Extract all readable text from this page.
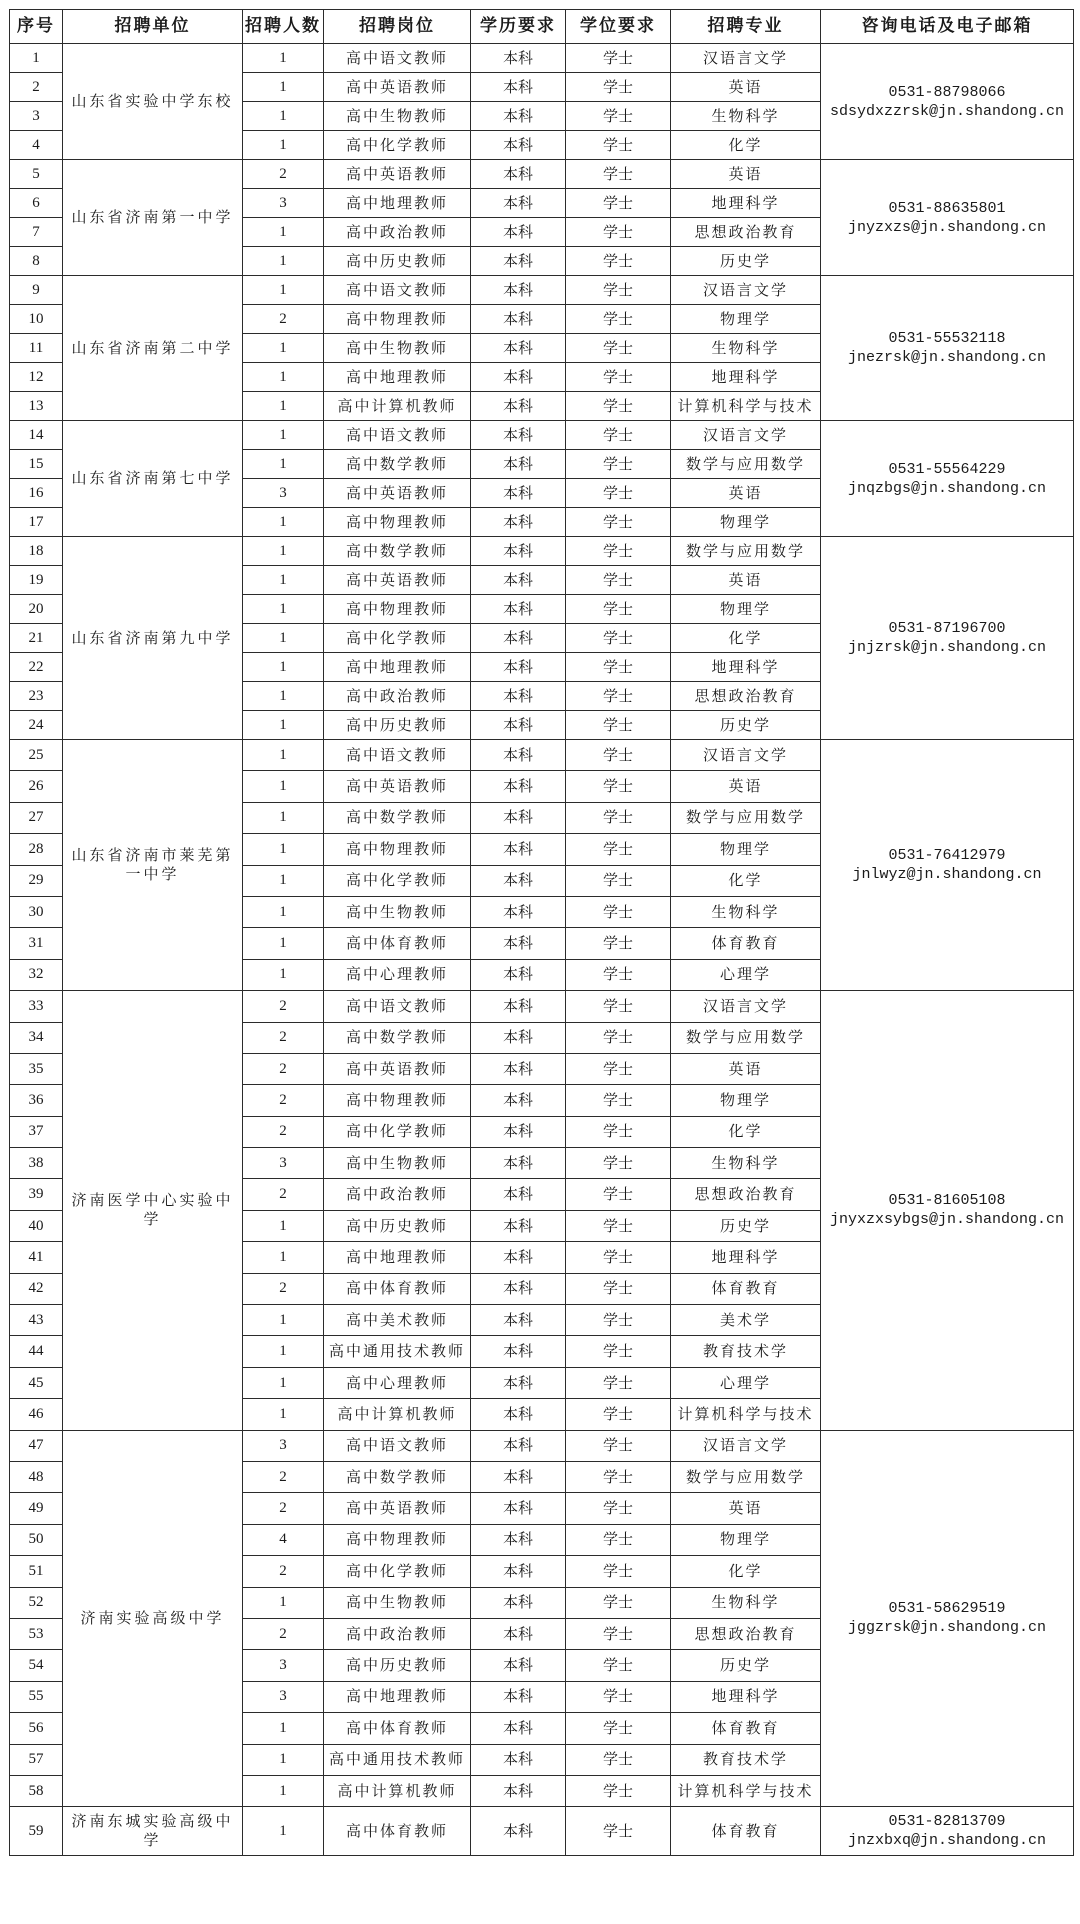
序号	招聘单位	招聘人数	招聘岗位	学历要求	学位要求	招聘专业	咨询电话及电子邮箱
1	山东省实验中学东校	1	高中语文教师	本科	学士	汉语言文学	0531-88798066
sdsydxzzrsk@jn.shandong.cn

2		1	高中英语教师	本科	学士	英语	
3		1	高中生物教师	本科	学士	生物科学	
4		1	高中化学教师	本科	学士	化学	
5	山东省济南第一中学	2	高中英语教师	本科	学士	英语	0531-88635801
jnyzxzs@jn.shandong.cn

6		3	高中地理教师	本科	学士	地理科学	
7		1	高中政治教师	本科	学士	思想政治教育	
8		1	高中历史教师	本科	学士	历史学	
9	山东省济南第二中学	1	高中语文教师	本科	学士	汉语言文学	0531-55532118
jnezrsk@jn.shandong.cn

10		2	高中物理教师	本科	学士	物理学	
11		1	高中生物教师	本科	学士	生物科学	
12		1	高中地理教师	本科	学士	地理科学	
13		1	高中计算机教师	本科	学士	计算机科学与技术	
14	山东省济南第七中学	1	高中语文教师	本科	学士	汉语言文学	0531-55564229
jnqzbgs@jn.shandong.cn

15		1	高中数学教师	本科	学士	数学与应用数学	
16		3	高中英语教师	本科	学士	英语	
17		1	高中物理教师	本科	学士	物理学	
18	山东省济南第九中学	1	高中数学教师	本科	学士	数学与应用数学	0531-87196700
jnjzrsk@jn.shandong.cn

19		1	高中英语教师	本科	学士	英语	
20		1	高中物理教师	本科	学士	物理学	
21		1	高中化学教师	本科	学士	化学	
22		1	高中地理教师	本科	学士	地理科学	
23		1	高中政治教师	本科	学士	思想政治教育	
24		1	高中历史教师	本科	学士	历史学	
25	山东省济南市莱芜第一中学	1	高中语文教师	本科	学士	汉语言文学	0531-76412979
jnlwyz@jn.shandong.cn

26		1	高中英语教师	本科	学士	英语	
27		1	高中数学教师	本科	学士	数学与应用数学	
28		1	高中物理教师	本科	学士	物理学	
29		1	高中化学教师	本科	学士	化学	
30		1	高中生物教师	本科	学士	生物科学	
31		1	高中体育教师	本科	学士	体育教育	
32		1	高中心理教师	本科	学士	心理学	
33	济南医学中心实验中学	2	高中语文教师	本科	学士	汉语言文学	0531-81605108
jnyxzxsybgs@jn.shandong.cn

34		2	高中数学教师	本科	学士	数学与应用数学	
35		2	高中英语教师	本科	学士	英语	
36		2	高中物理教师	本科	学士	物理学	
37		2	高中化学教师	本科	学士	化学	
38		3	高中生物教师	本科	学士	生物科学	
39		2	高中政治教师	本科	学士	思想政治教育	
40		1	高中历史教师	本科	学士	历史学	
41		1	高中地理教师	本科	学士	地理科学	
42		2	高中体育教师	本科	学士	体育教育	
43		1	高中美术教师	本科	学士	美术学	
44		1	高中通用技术教师	本科	学士	教育技术学	
45		1	高中心理教师	本科	学士	心理学	
46		1	高中计算机教师	本科	学士	计算机科学与技术	
47	济南实验高级中学	3	高中语文教师	本科	学士	汉语言文学	0531-58629519
jggzrsk@jn.shandong.cn

48		2	高中数学教师	本科	学士	数学与应用数学	
49		2	高中英语教师	本科	学士	英语	
50		4	高中物理教师	本科	学士	物理学	
51		2	高中化学教师	本科	学士	化学	
52		1	高中生物教师	本科	学士	生物科学	
53		2	高中政治教师	本科	学士	思想政治教育	
54		3	高中历史教师	本科	学士	历史学	
55		3	高中地理教师	本科	学士	地理科学	
56		1	高中体育教师	本科	学士	体育教育	
57		1	高中通用技术教师	本科	学士	教育技术学	
58		1	高中计算机教师	本科	学士	计算机科学与技术	
59	济南东城实验高级中学	1	高中体育教师	本科	学士	体育教育	0531-82813709
jnzxbxq@jn.shandong.cn
